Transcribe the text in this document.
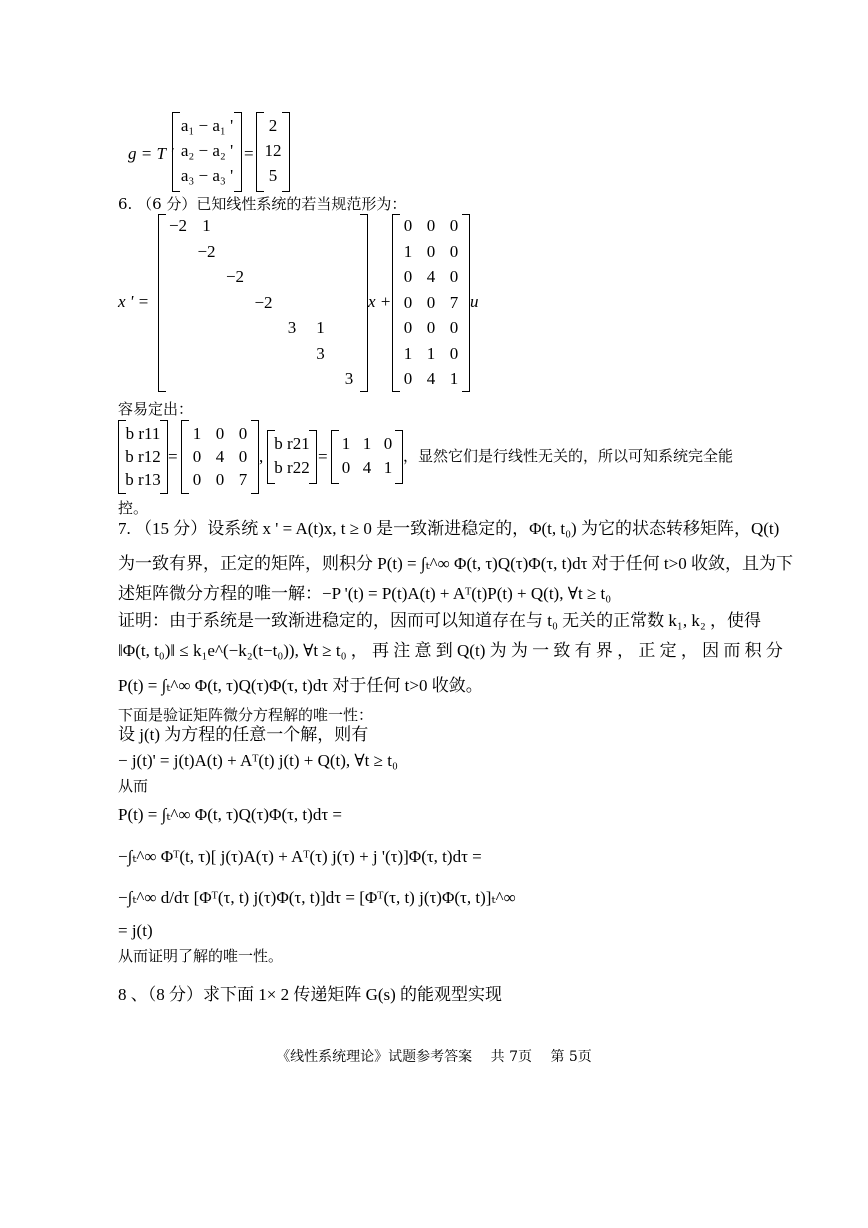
g = T '
a₁ − a₁ '
a₂ − a₂ '
a₃ − a₃ '
=
2
12
5
6. （6 分）已知线性系统的若当规范形为：
x ' =
−2 1
−2
−2
−2
3	1
3
3
x +
0 0 0
1 0 0
0 4 0
0 0 7
0 0 0
1 1 0
0 4 1
u
容易定出：
b r11
b r12
b r13
=
1 0 0
0 4 0
0 0 7
,
b r21
b r22
=
1 1 0
0 4 1
，显然它们是行线性无关的，所以可知系统完全能
控。
7. （15 分）设系统 x ' = A(t)x, t ≥ 0 是一致渐进稳定的，Φ(t, t₀) 为它的状态转移矩阵，Q(t)
为一致有界，正定的矩阵，则积分 P(t) = ∫ₜ^∞ Φ(t, τ)Q(τ)Φ(τ, t)dτ 对于任何 t>0 收敛，且为下
述矩阵微分方程的唯一解：−P '(t) = P(t)A(t) + Aᵀ(t)P(t) + Q(t), ∀t ≥ t₀
证明：由于系统是一致渐进稳定的，因而可以知道存在与 t₀ 无关的正常数 k₁, k₂ ，使得
‖Φ(t, t₀)‖ ≤ k₁e^(−k₂(t−t₀)), ∀t ≥ t₀ ， 再 注 意 到 Q(t) 为 为 一 致 有 界 ， 正 定 ， 因 而 积 分
P(t) = ∫ₜ^∞ Φ(t, τ)Q(τ)Φ(τ, t)dτ 对于任何 t>0 收敛。
下面是验证矩阵微分方程解的唯一性：
设 j(t) 为方程的任意一个解，则有
− j(t)' = j(t)A(t) + Aᵀ(t) j(t) + Q(t), ∀t ≥ t₀
从而
P(t) = ∫ₜ^∞ Φ(t, τ)Q(τ)Φ(τ, t)dτ =
−∫ₜ^∞ Φᵀ(t, τ)[ j(τ)A(τ) + Aᵀ(τ) j(τ) + j '(τ)]Φ(τ, t)dτ =
−∫ₜ^∞ d/dτ [Φᵀ(τ, t) j(τ)Φ(τ, t)]dτ = [Φᵀ(τ, t) j(τ)Φ(τ, t)]ₜ^∞
= j(t)
从而证明了解的唯一性。
8 、（8 分）求下面 1× 2 传递矩阵 G(s) 的能观型实现
《线性系统理论》试题参考答案　 共 7页　 第 5页
